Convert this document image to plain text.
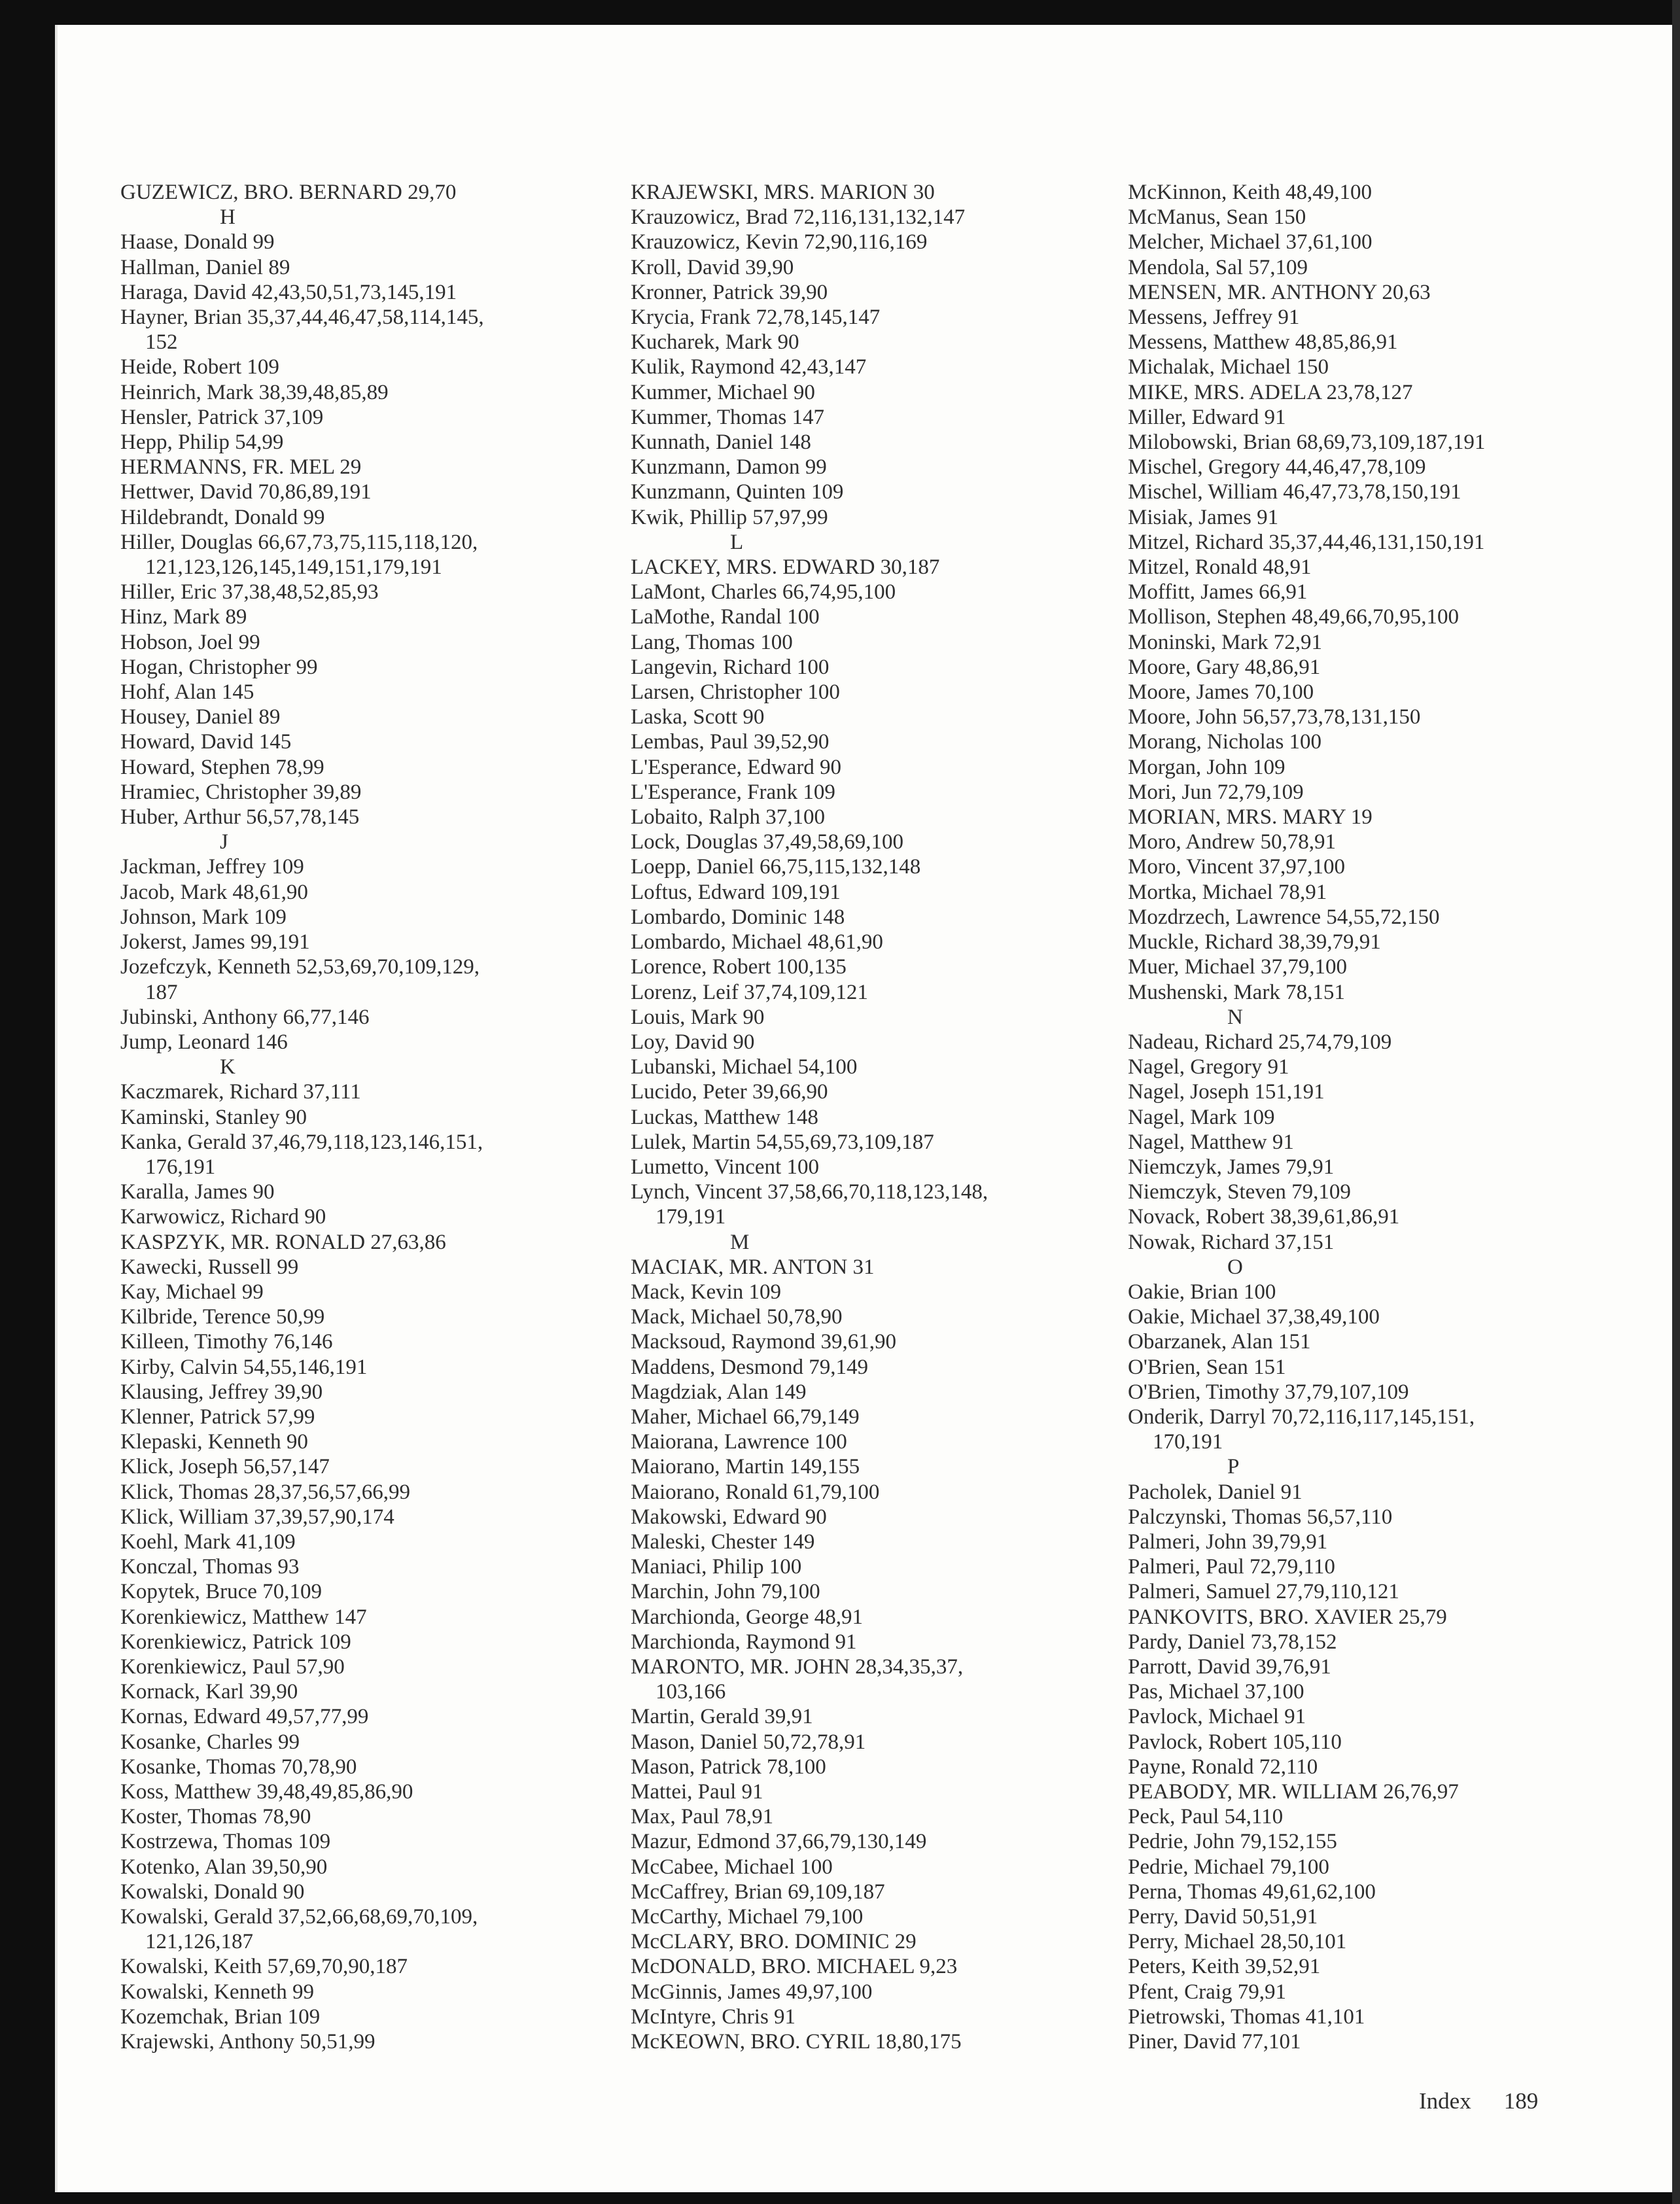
GUZEWICZ, BRO. BERNARD 29,70
H
Haase, Donald 99
Hallman, Daniel 89
Haraga, David 42,43,50,51,73,145,191
Hayner, Brian 35,37,44,46,47,58,114,145,
152
Heide, Robert 109
Heinrich, Mark 38,39,48,85,89
Hensler, Patrick 37,109
Hepp, Philip 54,99
HERMANNS, FR. MEL 29
Hettwer, David 70,86,89,191
Hildebrandt, Donald 99
Hiller, Douglas 66,67,73,75,115,118,120,
121,123,126,145,149,151,179,191
Hiller, Eric 37,38,48,52,85,93
Hinz, Mark 89
Hobson, Joel 99
Hogan, Christopher 99
Hohf, Alan 145
Housey, Daniel 89
Howard, David 145
Howard, Stephen 78,99
Hramiec, Christopher 39,89
Huber, Arthur 56,57,78,145
J
Jackman, Jeffrey 109
Jacob, Mark 48,61,90
Johnson, Mark 109
Jokerst, James 99,191
Jozefczyk, Kenneth 52,53,69,70,109,129,
187
Jubinski, Anthony 66,77,146
Jump, Leonard 146
K
Kaczmarek, Richard 37,111
Kaminski, Stanley 90
Kanka, Gerald 37,46,79,118,123,146,151,
176,191
Karalla, James 90
Karwowicz, Richard 90
KASPZYK, MR. RONALD 27,63,86
Kawecki, Russell 99
Kay, Michael 99
Kilbride, Terence 50,99
Killeen, Timothy 76,146
Kirby, Calvin 54,55,146,191
Klausing, Jeffrey 39,90
Klenner, Patrick 57,99
Klepaski, Kenneth 90
Klick, Joseph 56,57,147
Klick, Thomas 28,37,56,57,66,99
Klick, William 37,39,57,90,174
Koehl, Mark 41,109
Konczal, Thomas 93
Kopytek, Bruce 70,109
Korenkiewicz, Matthew 147
Korenkiewicz, Patrick 109
Korenkiewicz, Paul 57,90
Kornack, Karl 39,90
Kornas, Edward 49,57,77,99
Kosanke, Charles 99
Kosanke, Thomas 70,78,90
Koss, Matthew 39,48,49,85,86,90
Koster, Thomas 78,90
Kostrzewa, Thomas 109
Kotenko, Alan 39,50,90
Kowalski, Donald 90
Kowalski, Gerald 37,52,66,68,69,70,109,
121,126,187
Kowalski, Keith 57,69,70,90,187
Kowalski, Kenneth 99
Kozemchak, Brian 109
Krajewski, Anthony 50,51,99
KRAJEWSKI, MRS. MARION 30
Krauzowicz, Brad 72,116,131,132,147
Krauzowicz, Kevin 72,90,116,169
Kroll, David 39,90
Kronner, Patrick 39,90
Krycia, Frank 72,78,145,147
Kucharek, Mark 90
Kulik, Raymond 42,43,147
Kummer, Michael 90
Kummer, Thomas 147
Kunnath, Daniel 148
Kunzmann, Damon 99
Kunzmann, Quinten 109
Kwik, Phillip 57,97,99
L
LACKEY, MRS. EDWARD 30,187
LaMont, Charles 66,74,95,100
LaMothe, Randal 100
Lang, Thomas 100
Langevin, Richard 100
Larsen, Christopher 100
Laska, Scott 90
Lembas, Paul 39,52,90
L'Esperance, Edward 90
L'Esperance, Frank 109
Lobaito, Ralph 37,100
Lock, Douglas 37,49,58,69,100
Loepp, Daniel 66,75,115,132,148
Loftus, Edward 109,191
Lombardo, Dominic 148
Lombardo, Michael 48,61,90
Lorence, Robert 100,135
Lorenz, Leif 37,74,109,121
Louis, Mark 90
Loy, David 90
Lubanski, Michael 54,100
Lucido, Peter 39,66,90
Luckas, Matthew 148
Lulek, Martin 54,55,69,73,109,187
Lumetto, Vincent 100
Lynch, Vincent 37,58,66,70,118,123,148,
179,191
M
MACIAK, MR. ANTON 31
Mack, Kevin 109
Mack, Michael 50,78,90
Macksoud, Raymond 39,61,90
Maddens, Desmond 79,149
Magdziak, Alan 149
Maher, Michael 66,79,149
Maiorana, Lawrence 100
Maiorano, Martin 149,155
Maiorano, Ronald 61,79,100
Makowski, Edward 90
Maleski, Chester 149
Maniaci, Philip 100
Marchin, John 79,100
Marchionda, George 48,91
Marchionda, Raymond 91
MARONTO, MR. JOHN 28,34,35,37,
103,166
Martin, Gerald 39,91
Mason, Daniel 50,72,78,91
Mason, Patrick 78,100
Mattei, Paul 91
Max, Paul 78,91
Mazur, Edmond 37,66,79,130,149
McCabee, Michael 100
McCaffrey, Brian 69,109,187
McCarthy, Michael 79,100
McCLARY, BRO. DOMINIC 29
McDONALD, BRO. MICHAEL 9,23
McGinnis, James 49,97,100
McIntyre, Chris 91
McKEOWN, BRO. CYRIL 18,80,175
McKinnon, Keith 48,49,100
McManus, Sean 150
Melcher, Michael 37,61,100
Mendola, Sal 57,109
MENSEN, MR. ANTHONY 20,63
Messens, Jeffrey 91
Messens, Matthew 48,85,86,91
Michalak, Michael 150
MIKE, MRS. ADELA 23,78,127
Miller, Edward 91
Milobowski, Brian 68,69,73,109,187,191
Mischel, Gregory 44,46,47,78,109
Mischel, William 46,47,73,78,150,191
Misiak, James 91
Mitzel, Richard 35,37,44,46,131,150,191
Mitzel, Ronald 48,91
Moffitt, James 66,91
Mollison, Stephen 48,49,66,70,95,100
Moninski, Mark 72,91
Moore, Gary 48,86,91
Moore, James 70,100
Moore, John 56,57,73,78,131,150
Morang, Nicholas 100
Morgan, John 109
Mori, Jun 72,79,109
MORIAN, MRS. MARY 19
Moro, Andrew 50,78,91
Moro, Vincent 37,97,100
Mortka, Michael 78,91
Mozdrzech, Lawrence 54,55,72,150
Muckle, Richard 38,39,79,91
Muer, Michael 37,79,100
Mushenski, Mark 78,151
N
Nadeau, Richard 25,74,79,109
Nagel, Gregory 91
Nagel, Joseph 151,191
Nagel, Mark 109
Nagel, Matthew 91
Niemczyk, James 79,91
Niemczyk, Steven 79,109
Novack, Robert 38,39,61,86,91
Nowak, Richard 37,151
O
Oakie, Brian 100
Oakie, Michael 37,38,49,100
Obarzanek, Alan 151
O'Brien, Sean 151
O'Brien, Timothy 37,79,107,109
Onderik, Darryl 70,72,116,117,145,151,
170,191
P
Pacholek, Daniel 91
Palczynski, Thomas 56,57,110
Palmeri, John 39,79,91
Palmeri, Paul 72,79,110
Palmeri, Samuel 27,79,110,121
PANKOVITS, BRO. XAVIER 25,79
Pardy, Daniel 73,78,152
Parrott, David 39,76,91
Pas, Michael 37,100
Pavlock, Michael 91
Pavlock, Robert 105,110
Payne, Ronald 72,110
PEABODY, MR. WILLIAM 26,76,97
Peck, Paul 54,110
Pedrie, John 79,152,155
Pedrie, Michael 79,100
Perna, Thomas 49,61,62,100
Perry, David 50,51,91
Perry, Michael 28,50,101
Peters, Keith 39,52,91
Pfent, Craig 79,91
Pietrowski, Thomas 41,101
Piner, David 77,101
Index 189
